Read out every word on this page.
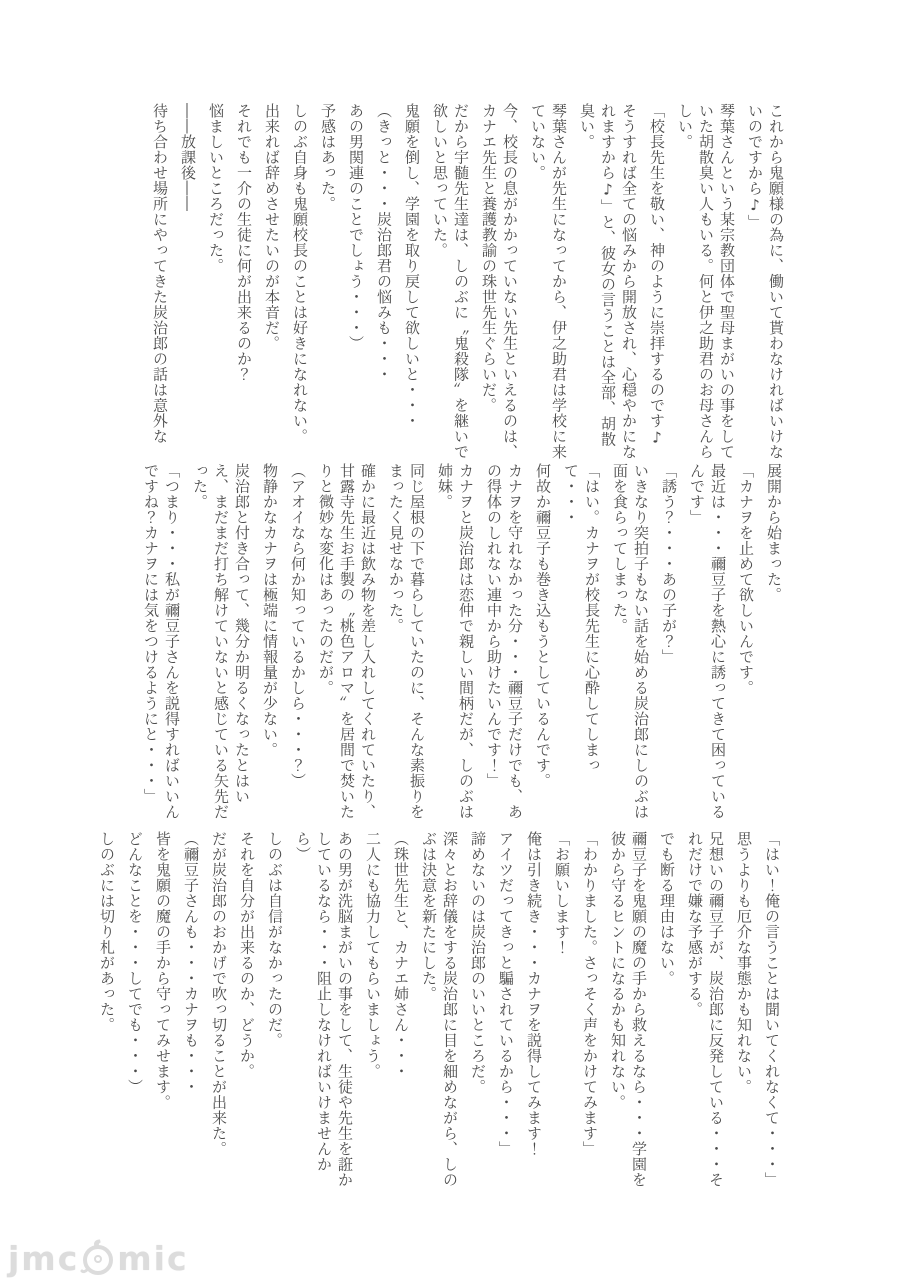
これから鬼願様の為に、働いて貰わなければいけないのですから♪」

琴葉さんという某宗教団体で聖母まがいの事をしていた胡散臭い人もいる。何と伊之助君のお母さんらしい。

「校長先生を敬い、神のように崇拝するのです♪

そうすれば全ての悩みから開放され、心穏やかになれますから♪」と、彼女の言うことは全部、胡散臭い。

琴葉さんが先生になってから、伊之助君は学校に来ていない。

今、校長の息がかかっていない先生といえるのは、カナエ先生と養護教諭の珠世先生ぐらいだ。

だから宇髄先生達は、しのぶに〝鬼殺隊〟を継いで欲しいと思っていた。

鬼願を倒し、学園を取り戻して欲しいと・・・

（きっと・・・炭治郎君の悩みも・・・

あの男関連のことでしょう・・・）

予感はあった。

しのぶ自身も鬼願校長のことは好きになれない。

出来れば辞めさせたいのが本音だ。

それでも一介の生徒に何が出来るのか？

悩ましいところだった。

――放課後――

待ち合わせ場所にやってきた炭治郎の話は意外な

展開から始まった。

「カナヲを止めて欲しいんです。

最近は・・・禰豆子を熱心に誘ってきて困っているんです」

「誘う？・・・あの子が？」

いきなり突拍子もない話を始める炭治郎にしのぶは面を食らってしまった。

「はい。カナヲが校長先生に心酔してしまって・・・

何故か禰豆子も巻き込もうとしているんです。

カナヲを守れなかった分・・・禰豆子だけでも、あの得体のしれない連中から助けたいんです！」

カナヲと炭治郎は恋仲で親しい間柄だが、しのぶは姉妹。

同じ屋根の下で暮らしていたのに、そんな素振りをまったく見せなかった。

確かに最近は飲み物を差し入れしてくれていたり、甘露寺先生お手製の〝桃色アロマ〟を居間で焚いたりと微妙な変化はあったのだが。

（アオイなら何か知っているかしら・・・？）

物静かなカナヲは極端に情報量が少ない。

炭治郎と付き合って、幾分か明るくなったとはいえ、まだまだ打ち解けていないと感じている矢先だった。

「つまり・・・私が禰豆子さんを説得すればいいんですね？カナヲには気をつけるようにと・・・」

「はい！俺の言うことは聞いてくれなくて・・・」

思うよりも厄介な事態かも知れない。

兄想いの禰豆子が、炭治郎に反発している・・・それだけで嫌な予感がする。

でも断る理由はない。

禰豆子を鬼願の魔の手から救えるなら・・・学園を彼から守るヒントになるかも知れない。

「わかりました。さっそく声をかけてみます」

「お願いします！

俺は引き続き・・・カナヲを説得してみます！

アイツだってきっと騙されているから・・・」

諦めないのは炭治郎のいいところだ。

深々とお辞儀をする炭治郎に目を細めながら、しのぶは決意を新たにした。

（珠世先生と、カナエ姉さん・・・

二人にも協力してもらいましょう。

あの男が洗脳まがいの事をして、生徒や先生を誑かしているなら・・・阻止しなければいけませんから）

しのぶは自信がなかったのだ。

それを自分が出来るのか、どうか。

だが炭治郎のおかげで吹っ切ることが出来た。

（禰豆子さんも・・・カナヲも・・・

皆を鬼願の魔の手から守ってみせます。

どんなことを・・・してでも・・・）

しのぶには切り札があった。

jmc mic
